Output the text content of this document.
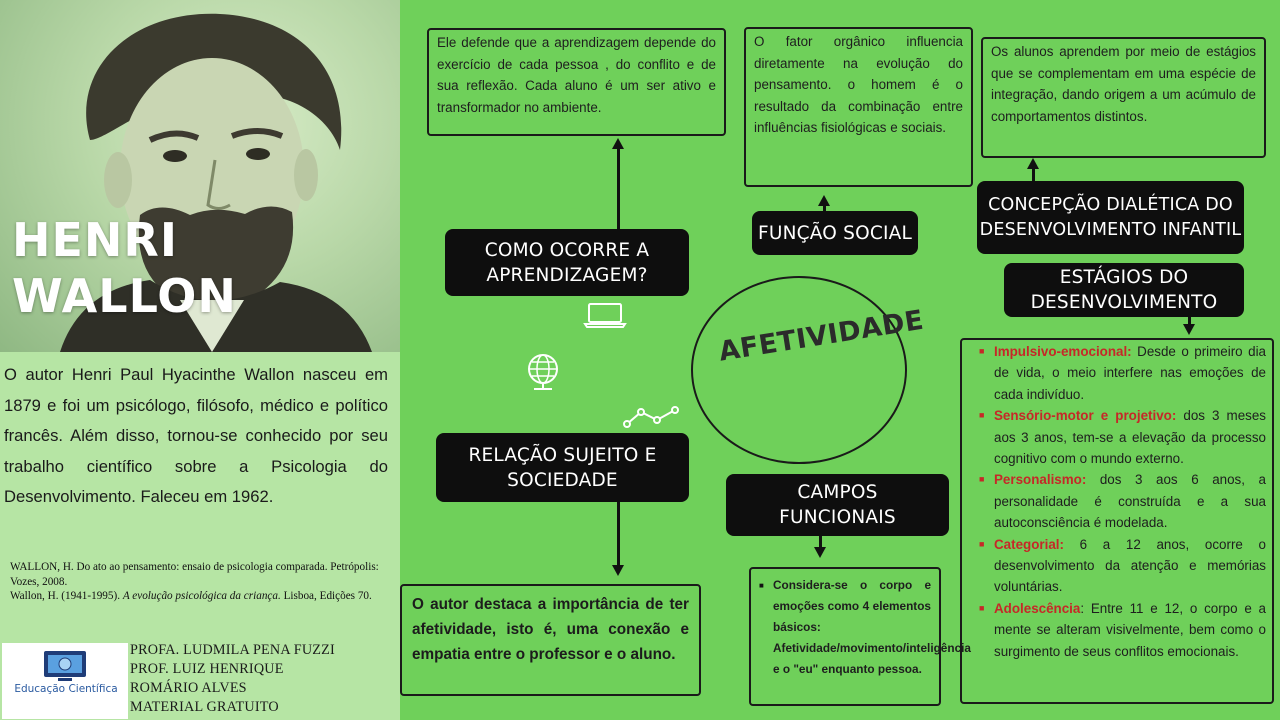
HENRI WALLON

O autor Henri Paul Hyacinthe Wallon nasceu em 1879 e foi um psicólogo, filósofo, médico e político francês. Além disso, tornou-se conhecido por seu trabalho científico sobre a Psicologia do Desenvolvimento. Faleceu em 1962.

WALLON, H. Do ato ao pensamento: ensaio de psicologia comparada. Petrópolis: Vozes, 2008.
Wallon, H. (1941-1995). A evolução psicológica da criança. Lisboa, Edições 70.
Educação Científica
PROFA. LUDMILA PENA FUZZI
PROF. LUIZ HENRIQUE
ROMÁRIO ALVES
MATERIAL GRATUITO
Ele defende que a aprendizagem depende do exercício de cada pessoa , do conflito e de sua reflexão. Cada aluno é um ser ativo e transformador no ambiente.
COMO OCORRE A
APRENDIZAGEM?
O fator orgânico influencia diretamente na evolução do pensamento. o homem é o resultado da combinação entre influências fisiológicas e sociais.
FUNÇÃO SOCIAL
Os alunos aprendem por meio de estágios que se complementam em uma espécie de integração, dando origem a um acúmulo de comportamentos distintos.
CONCEPÇÃO DIALÉTICA DO
DESENVOLVIMENTO INFANTIL
ESTÁGIOS DO
DESENVOLVIMENTO
■ Impulsivo-emocional: Desde o primeiro dia de vida, o meio interfere nas emoções de cada indivíduo.
■ Sensório-motor e projetivo: dos 3 meses aos 3 anos, tem-se a elevação da processo cognitivo com o mundo externo.
■ Personalismo: dos 3 aos 6 anos, a personalidade é construída e a sua autoconsciência é modelada.
■ Categorial: 6 a 12 anos, ocorre o desenvolvimento da atenção e memórias voluntárias.
■ Adolescência: Entre 11 e 12, o corpo e a mente se alteram visivelmente, bem como o surgimento de seus conflitos emocionais.
AFETIVIDADE
RELAÇÃO SUJEITO E
SOCIEDADE
O autor destaca a importância de ter afetividade, isto é, uma conexão e empatia entre o professor e o aluno.
CAMPOS
FUNCIONAIS
■ Considera-se o corpo e emoções como 4 elementos básicos: Afetividade/movimento/inteligência e o "eu" enquanto pessoa.
